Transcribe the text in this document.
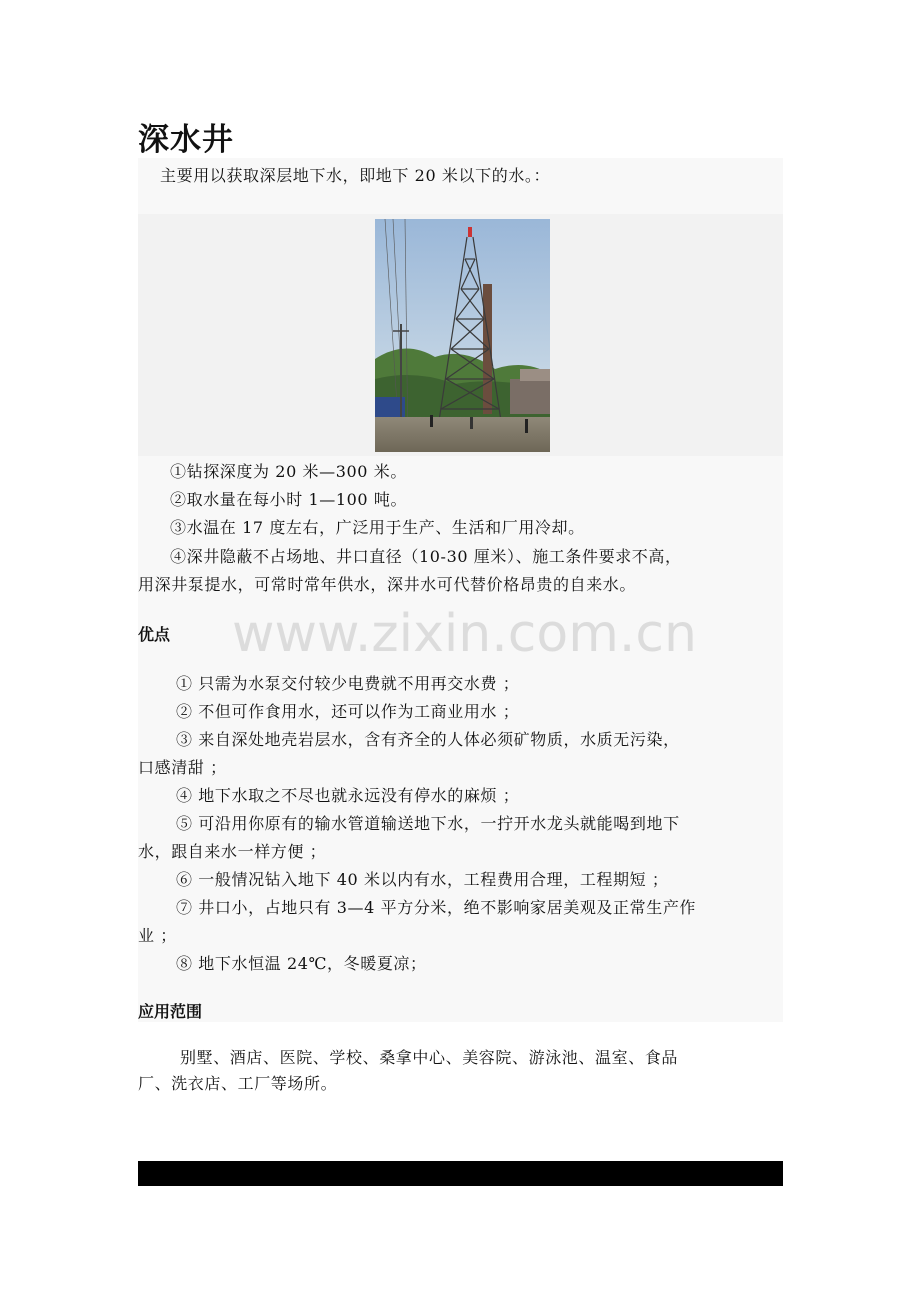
深水井

主要用以获取深层地下水，即地下 20 米以下的水。：

①钻探深度为 20 米—300 米。

②取水量在每小时 1—100 吨。

③水温在 17 度左右，广泛用于生产、生活和厂用冷却。

④深井隐蔽不占场地、井口直径（10-30 厘米）、施工条件要求不高，

用深井泵提水，可常时常年供水，深井水可代替价格昂贵的自来水。

优点

① 只需为水泵交付较少电费就不用再交水费 ；

② 不但可作食用水，还可以作为工商业用水 ；

③ 来自深处地壳岩层水，含有齐全的人体必须矿物质，水质无污染，

口感清甜 ；

④ 地下水取之不尽也就永远没有停水的麻烦 ；

⑤ 可沿用你原有的输水管道输送地下水，一拧开水龙头就能喝到地下

水，跟自来水一样方便 ；

⑥ 一般情况钻入地下 40 米以内有水，工程费用合理，工程期短 ；

⑦ 井口小，占地只有 3—4 平方分米，绝不影响家居美观及正常生产作

业 ；

⑧ 地下水恒温 24℃，冬暖夏凉；

应用范围

别墅、酒店、医院、学校、桑拿中心、美容院、游泳池、温室、食品

厂、洗衣店、工厂等场所。

www.zixin.com.cn
